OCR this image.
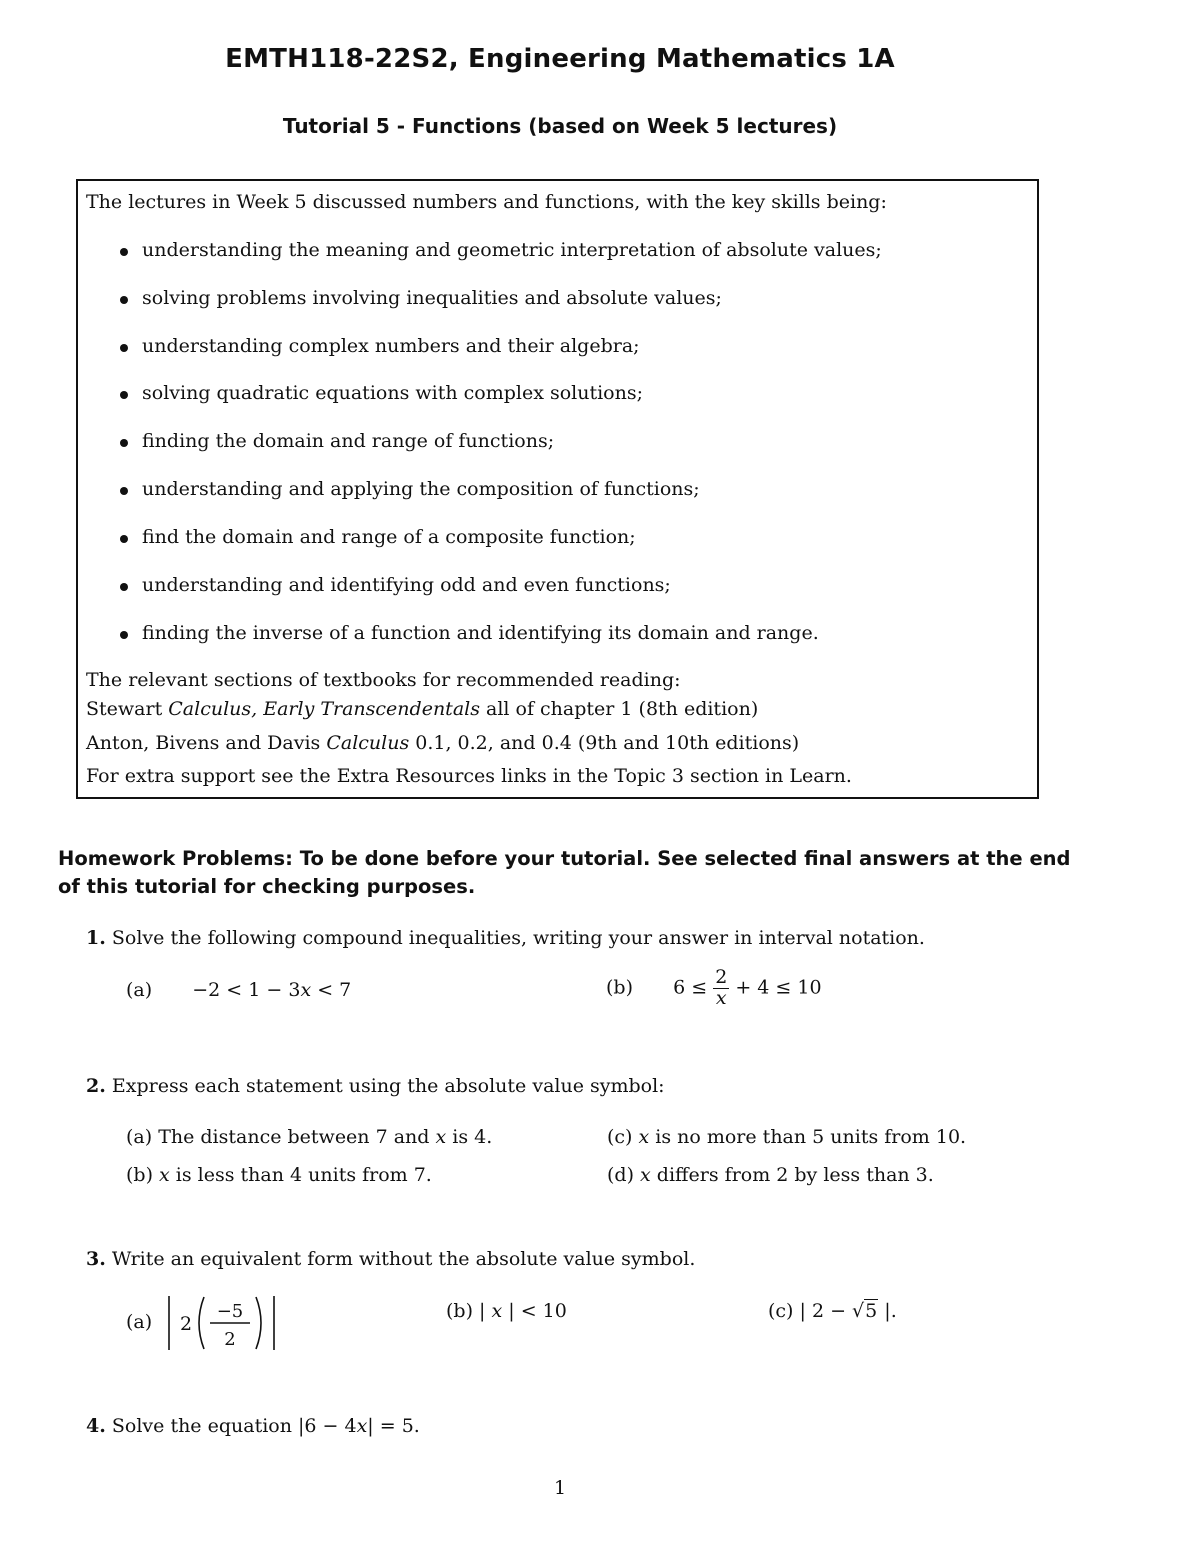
EMTH118-22S2, Engineering Mathematics 1A
Tutorial 5 - Functions (based on Week 5 lectures)
The lectures in Week 5 discussed numbers and functions, with the key skills being:
understanding the meaning and geometric interpretation of absolute values;
solving problems involving inequalities and absolute values;
understanding complex numbers and their algebra;
solving quadratic equations with complex solutions;
finding the domain and range of functions;
understanding and applying the composition of functions;
find the domain and range of a composite function;
understanding and identifying odd and even functions;
finding the inverse of a function and identifying its domain and range.
The relevant sections of textbooks for recommended reading:
Stewart Calculus, Early Transcendentals all of chapter 1 (8th edition)
Anton, Bivens and Davis Calculus 0.1, 0.2, and 0.4 (9th and 10th editions)
For extra support see the Extra Resources links in the Topic 3 section in Learn.
Homework Problems: To be done before your tutorial. See selected final answers at the end of this tutorial for checking purposes.
1. Solve the following compound inequalities, writing your answer in interval notation.
(a) −2 < 1 − 3x < 7	(b) $6 \le \frac{2}{x} + 4 \le 10$
2. Express each statement using the absolute value symbol:
(a) The distance between 7 and x is 4.
(b) x is less than 4 units from 7.
(c) x is no more than 5 units from 10.
(d) x differs from 2 by less than 3.
3. Write an equivalent form without the absolute value symbol.
(a) 2
−5
2
(b) | x | < 10	(c) | 2 − √5 |.
4. Solve the equation |6 − 4x| = 5.
1
